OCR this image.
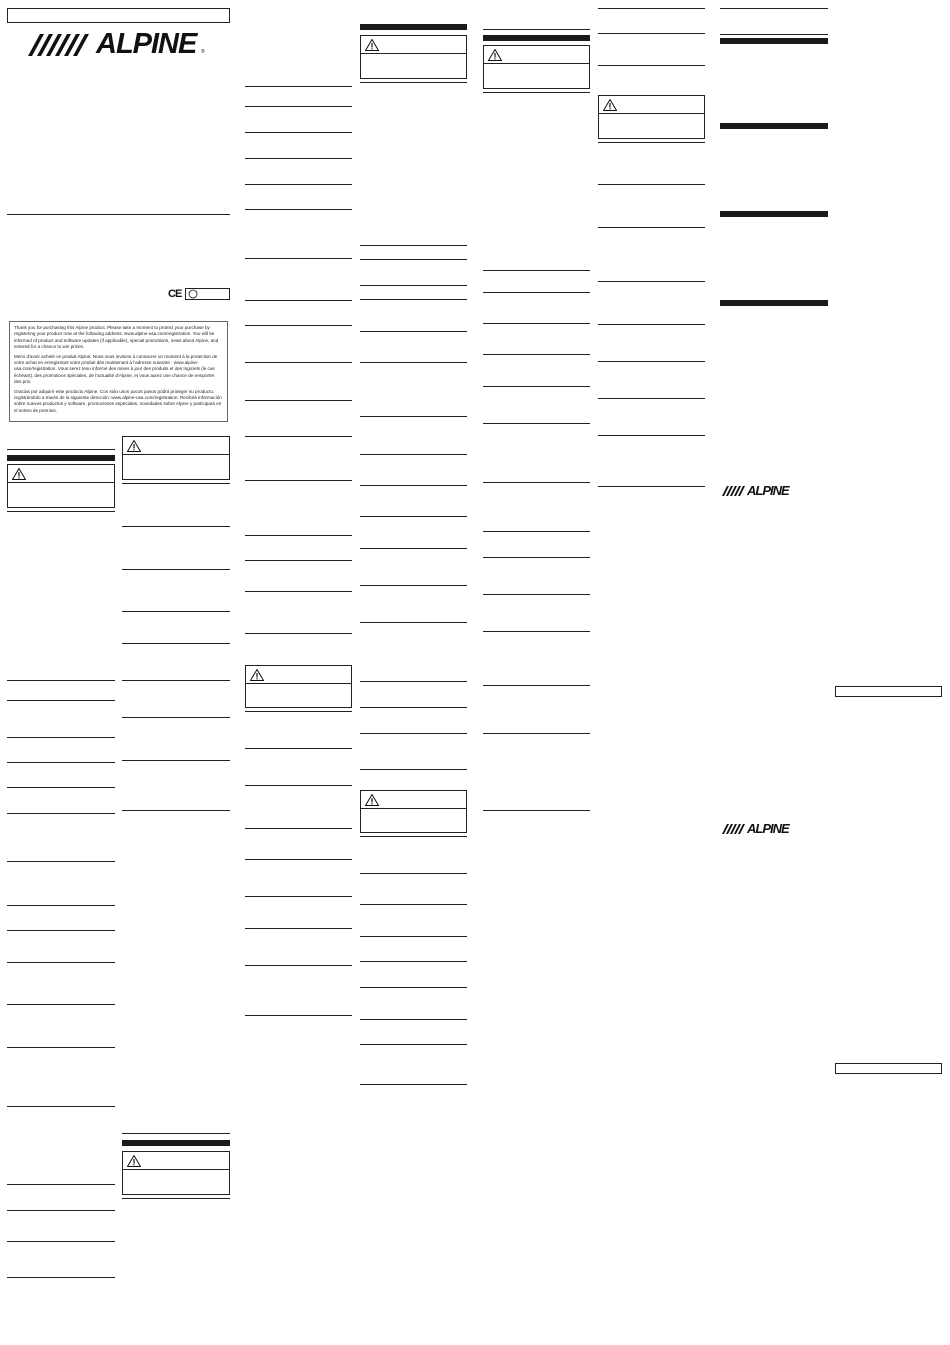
ALPINE ®
CE

Thank you for purchasing this Alpine product. Please take a moment to protect your purchase by registering your product now at the following address: www.alpine-usa.com/registration. You will be informed of product and software updates (if applicable), special promotions, news about Alpine, and entered for a chance to win prizes.

Merci d'avoir acheté ce produit Alpine. Nous vous invitons à consacrer un moment à la protection de votre achat en enregistrant votre produit dès maintenant à l'adresse suivante : www.alpine-usa.com/registration. Vous serez tenu informé des mises à jour des produits et des logiciels (le cas échéant), des promotions spéciales, de l'actualité d'Alpine, et vous aurez une chance de remporter des prix.

Gracias por adquirir este producto Alpine. Con solo unos pocos pasos podrá proteger su producto, registrándolo a través de la siguiente dirección: www.alpine-usa.com/registration. Recibirá información sobre nuevos productos y software, promociones especiales, novedades sobre Alpine y participará en el sorteo de premios.

ALPINE
ALPINE
